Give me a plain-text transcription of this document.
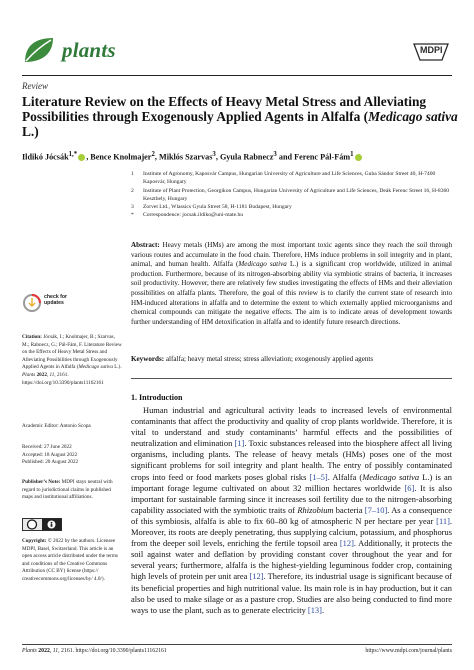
plants	MDPI
Review
Literature Review on the Effects of Heavy Metal Stress and Alleviating Possibilities through Exogenously Applied Agents in Alfalfa (Medicago sativa L.)
Ildikó Jócsák$^{1,*}$ , Bence Knolmajer$^2$, Miklós Szarvas$^3$, Gyula Rabnecz$^3$ and Ferenc Pál-Fám$^1$
1	Institute of Agronomy, Kaposvár Campus, Hungarian University of Agriculture and Life Sciences, Guba Sándor Street 40, H-7400 Kaposvár, Hungary
2	Institute of Plant Protection, Georgikon Campus, Hungarian University of Agriculture and Life Sciences, Deák Ferenc Street 16, H-8360 Keszthely, Hungary
3	Zorvet Ltd., Wlassics Gyula Street 58, H-1181 Budapest, Hungary
*	Correspondence: jocsak.ildiko@uni-mate.hu
Abstract: Heavy metals (HMs) are among the most important toxic agents since they reach the soil through various routes and accumulate in the food chain. Therefore, HMs induce problems in soil integrity and in plant, animal, and human health. Alfalfa (Medicago sativa L.) is a significant crop worldwide, utilized in animal production. Furthermore, because of its nitrogen-absorbing ability via symbiotic strains of bacteria, it increases soil productivity. However, there are relatively few studies investigating the effects of HMs and their alleviation possibilities on alfalfa plants. Therefore, the goal of this review is to clarify the current state of research into HM-induced alterations in alfalfa and to determine the extent to which externally applied microorganisms and chemical compounds can mitigate the negative effects. The aim is to indicate areas of development towards further understanding of HM detoxification in alfalfa and to identify future research directions.
Keywords: alfalfa; heavy metal stress; stress alleviation; exogenously applied agents
1. Introduction
Human industrial and agricultural activity leads to increased levels of environmental contaminants that affect the productivity and quality of crop plants worldwide. Therefore, it is vital to understand and study contaminants’ harmful effects and the possibilities of neutralization and elimination [1]. Toxic substances released into the biosphere affect all living organisms, including plants. The release of heavy metals (HMs) poses one of the most significant problems for soil integrity and plant health. The entry of possibly contaminated crops into feed or food markets poses global risks [1–5]. Alfalfa (Medicago sativa L.) is an important forage legume cultivated on about 32 million hectares worldwide [6]. It is also important for sustainable farming since it increases soil fertility due to the nitrogen-absorbing capability associated with the symbiotic traits of Rhizobium bacteria [7–10]. As a consequence of this symbiosis, alfalfa is able to fix 60–80 kg of atmospheric N per hectare per year [11]. Moreover, its roots are deeply penetrating, thus supplying calcium, potassium, and phosphorus from the deeper soil levels, enriching the fertile topsoil area [12]. Additionally, it protects the soil against water and deflation by providing constant cover throughout the year and for several years; furthermore, alfalfa is the highest-yielding leguminous fodder crop, containing high levels of protein per unit area [12]. Therefore, its industrial usage is significant because of its beneficial properties and high nutritional value. Its main role is in hay production, but it can also be used to make silage or as a pasture crop. Studies are also being conducted to find more ways to use the plant, such as to generate electricity [13].
check for
updates
Citation: Jócsák, I.; Knolmajer, B.; Szarvas, M.; Rabnecz, G.; Pál-Fám, F. Literature Review on the Effects of Heavy Metal Stress and Alleviating Possibilities through Exogenously Applied Agents in Alfalfa (Medicago sativa L.). Plants 2022, 11, 2161. https://doi.org/10.3390/plants11162161
Academic Editor: Antonio Scopa
Received: 27 June 2022
Accepted: 18 August 2022
Published: 20 August 2022
Publisher’s Note: MDPI stays neutral with regard to jurisdictional claims in published maps and institutional affiliations.
Copyright: © 2022 by the authors. Licensee MDPI, Basel, Switzerland. This article is an open access article distributed under the terms and conditions of the Creative Commons Attribution (CC BY) license (https:// creativecommons.org/licenses/by/ 4.0/).
Plants 2022, 11, 2161. https://doi.org/10.3390/plants11162161	https://www.mdpi.com/journal/plants
